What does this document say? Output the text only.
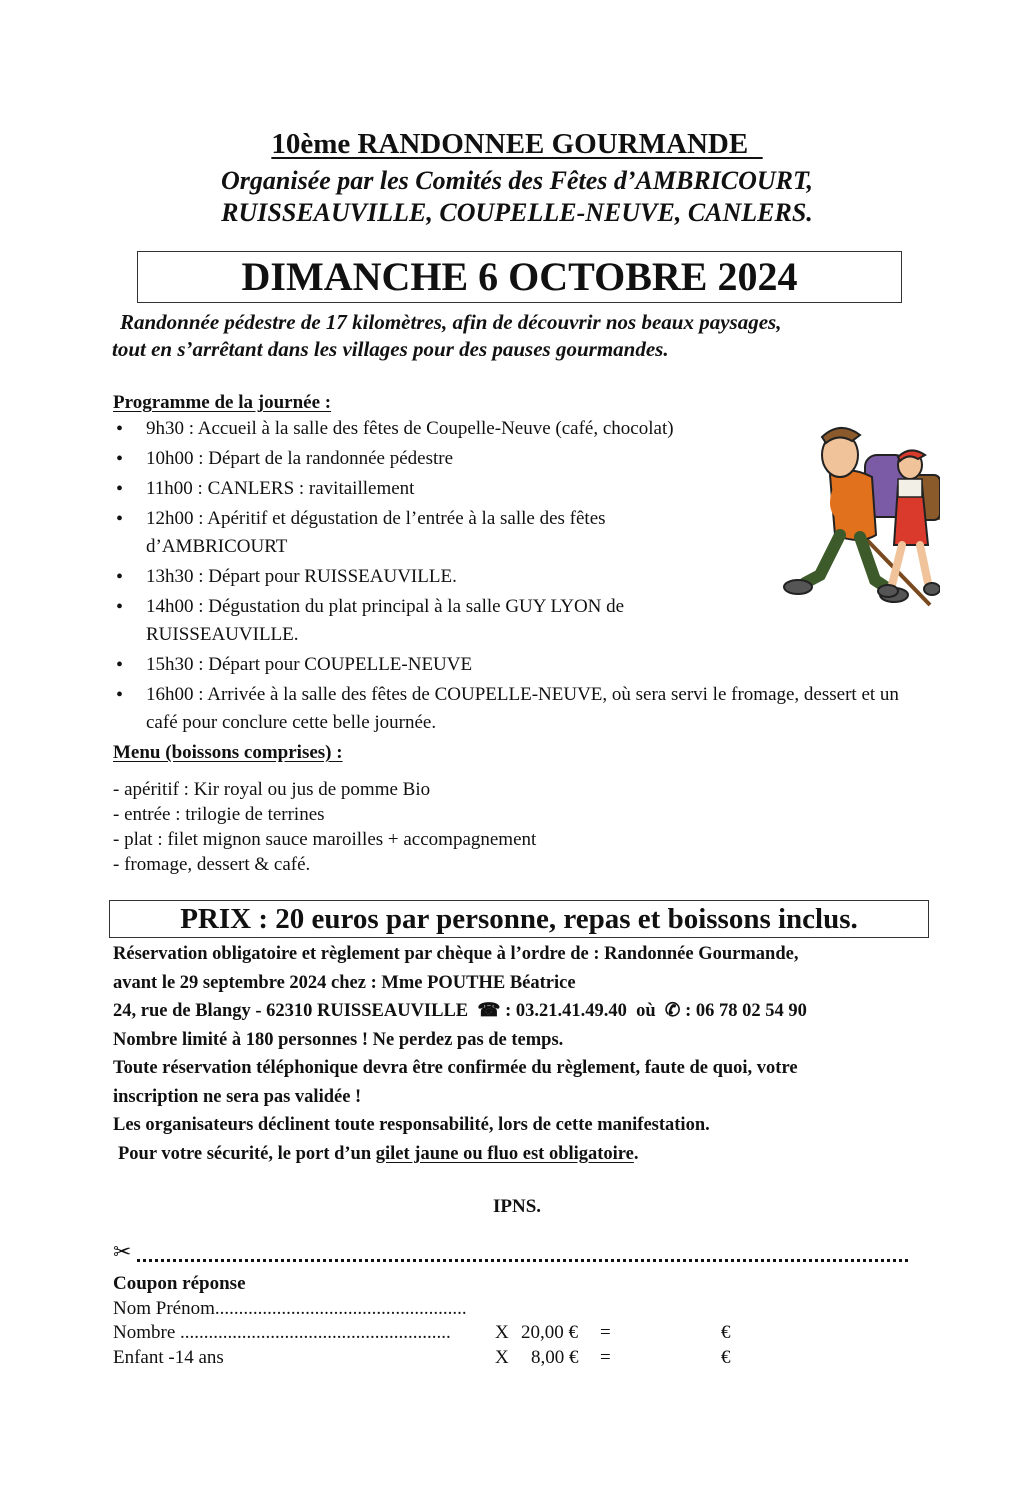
10ème RANDONNEE GOURMANDE
Organisée par les Comités des Fêtes d’AMBRICOURT,
RUISSEAUVILLE, COUPELLE-NEUVE, CANLERS.
DIMANCHE 6 OCTOBRE 2024
Randonnée pédestre de 17 kilomètres, afin de découvrir nos beaux paysages,
tout en s’arrêtant dans les villages pour des pauses gourmandes.
Programme de la journée :
• 9h30 : Accueil à la salle des fêtes de Coupelle-Neuve (café, chocolat)
• 10h00 : Départ de la randonnée pédestre
• 11h00 : CANLERS : ravitaillement
• 12h00 : Apéritif et dégustation de l’entrée à la salle des fêtes d’AMBRICOURT
• 13h30 : Départ pour RUISSEAUVILLE.
• 14h00 : Dégustation du plat principal à la salle GUY LYON de RUISSEAUVILLE.
• 15h30 : Départ pour COUPELLE-NEUVE
• 16h00 : Arrivée à la salle des fêtes de COUPELLE-NEUVE, où sera servi le fromage, dessert et un café pour conclure cette belle journée.
Menu (boissons comprises) :
- apéritif : Kir royal ou jus de pomme Bio
- entrée : trilogie de terrines
- plat : filet mignon sauce maroilles + accompagnement
- fromage, dessert & café.
PRIX : 20 euros par personne, repas et boissons inclus.
Réservation obligatoire et règlement par chèque à l’ordre de : Randonnée Gourmande,
avant le 29 septembre 2024 chez : Mme POUTHE Béatrice
24, rue de Blangy - 62310 RUISSEAUVILLE ☎ : 03.21.41.49.40 où ✆ : 06 78 02 54 90
Nombre limité à 180 personnes ! Ne perdez pas de temps.
Toute réservation téléphonique devra être confirmée du règlement, faute de quoi, votre
inscription ne sera pas validée !
Les organisateurs déclinent toute responsabilité, lors de cette manifestation.
Pour votre sécurité, le port d’un gilet jaune ou fluo est obligatoire.
IPNS.
✂
Coupon réponse
Nom Prénom.....................................................
Nombre ......................................................... X 20,00 € =	€
Enfant -14 ans	X 8,00 € =	€
